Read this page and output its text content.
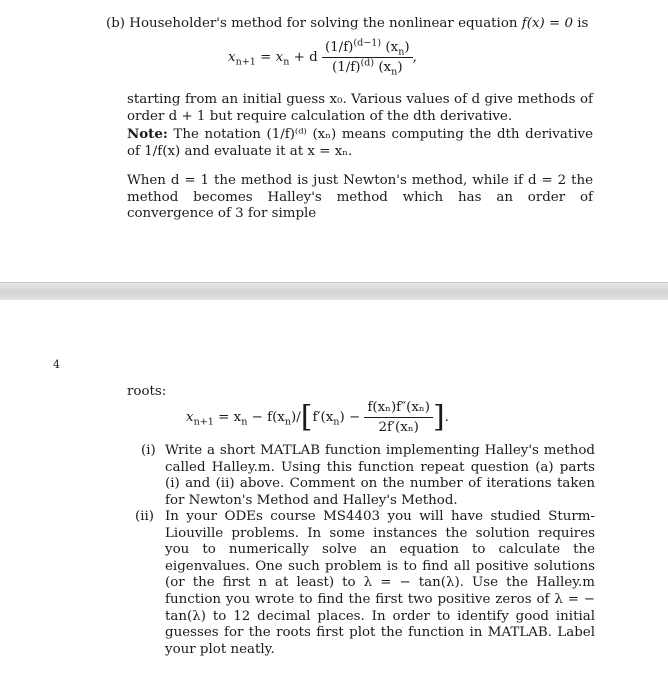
(b) Householder's method for solving the nonlinear equation f(x) = 0 is
$x_{n+1} = x_n + d \frac{(1/f)^{(d-1)} (x_n)}{(1/f)^{(d)} (x_n)}$ ,
starting from an initial guess x₀. Various values of d give methods of order d + 1 but require calculation of the dth derivative.
Note: The notation (1/f)⁽ᵈ⁾ (xₙ) means computing the dth derivative of 1/f(x) and evaluate it at x = xₙ.
When d = 1 the method is just Newton's method, while if d = 2 the method becomes Halley's method which has an order of convergence of 3 for simple
4
roots:
$x_{n+1} = x_n - f(x_n)/[f'(x_n) - \frac{\text{f(xₙ)f″(xₙ)}}{\text{2f′(xₙ)}}$ ].
(i) Write a short MATLAB function implementing Halley's method called Halley.m. Using this function repeat question (a) parts (i) and (ii) above. Comment on the number of iterations taken for Newton's Method and Halley's Method.
(ii) In your ODEs course MS4403 you will have studied Sturm-Liouville problems. In some instances the solution requires you to numerically solve an equation to calculate the eigenvalues. One such problem is to find all positive solutions (or the first n at least) to λ = − tan(λ). Use the Halley.m function you wrote to find the first two positive zeros of λ = − tan(λ) to 12 decimal places. In order to identify good initial guesses for the roots first plot the function in MATLAB. Label your plot neatly.
